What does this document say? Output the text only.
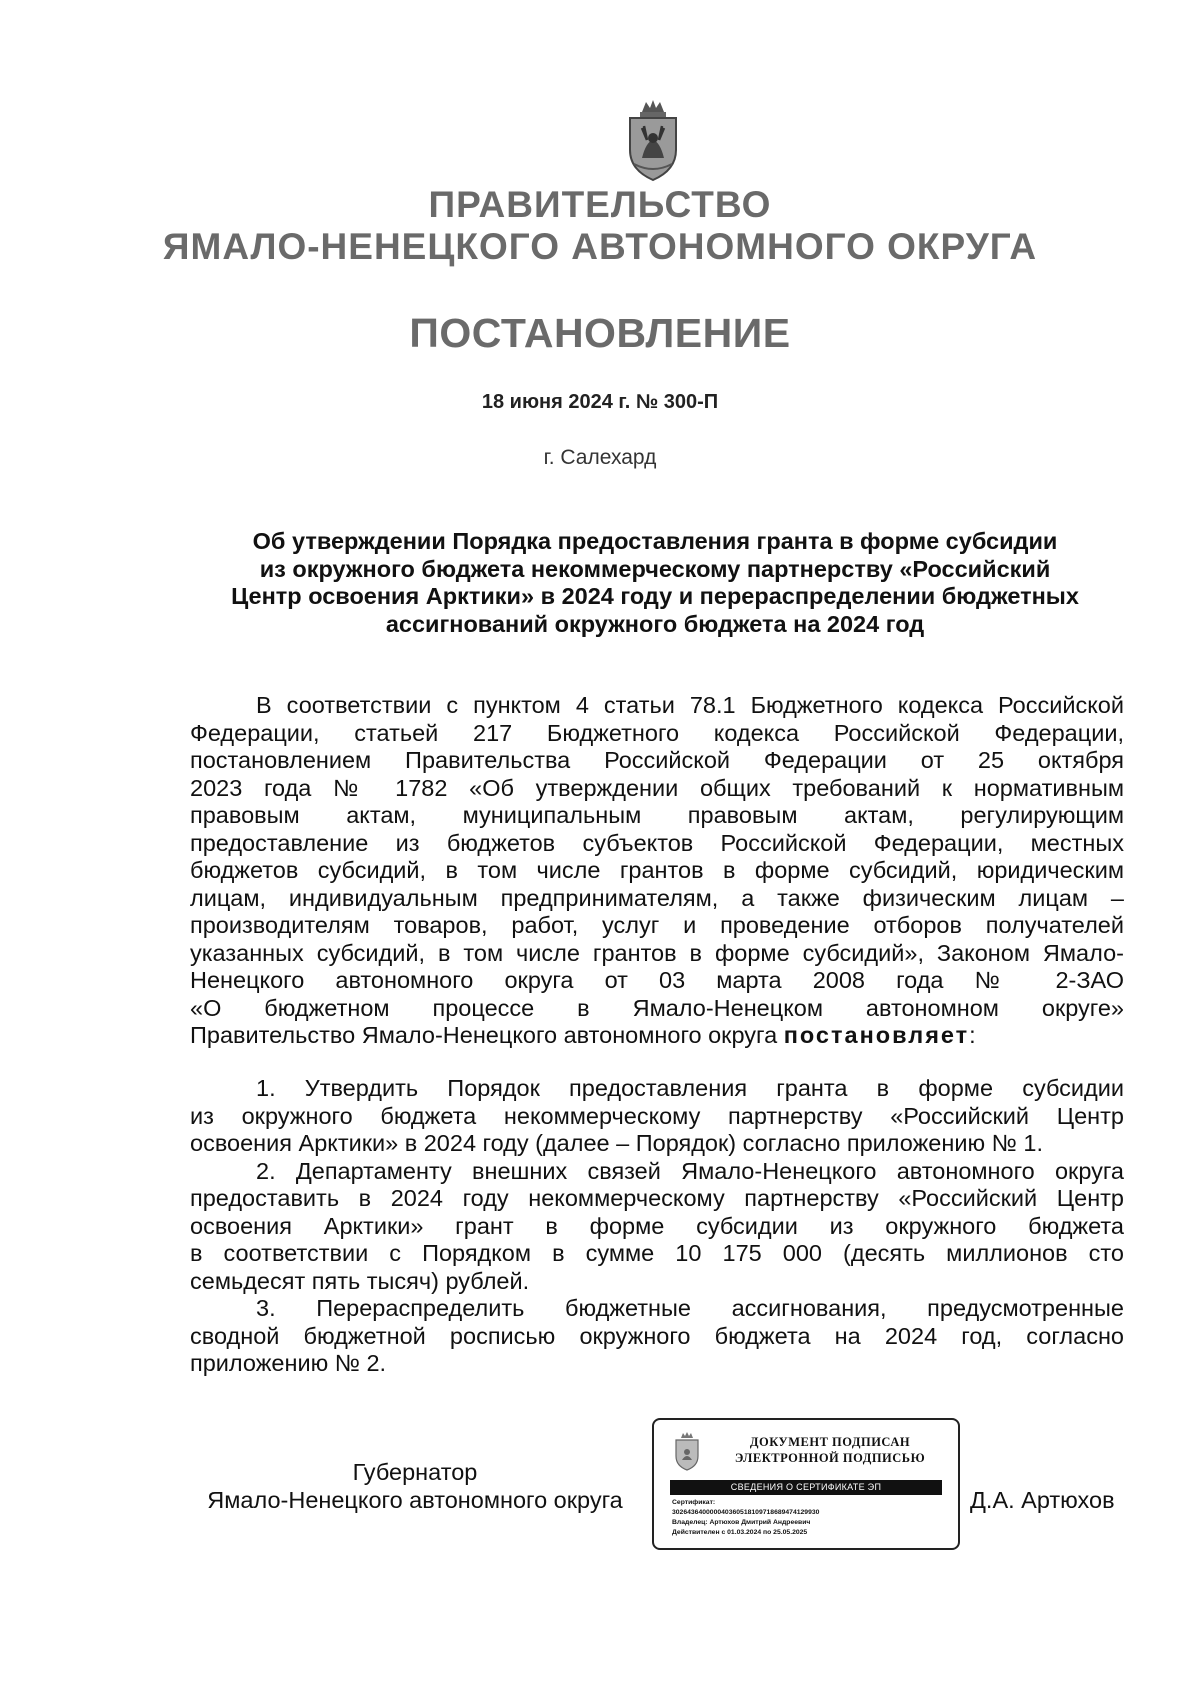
ПРАВИТЕЛЬСТВО
ЯМАЛО-НЕНЕЦКОГО АВТОНОМНОГО ОКРУГА
ПОСТАНОВЛЕНИЕ
18 июня 2024 г. № 300-П
г. Салехард
Об утверждении Порядка предоставления гранта в форме субсидии
из окружного бюджета некоммерческому партнерству «Российский
Центр освоения Арктики» в 2024 году и перераспределении бюджетных
ассигнований окружного бюджета на 2024 год
В соответствии с пунктом 4 статьи 78.1 Бюджетного кодекса Российской
Федерации, статьей 217 Бюджетного кодекса Российской Федерации,
постановлением Правительства Российской Федерации от 25 октября
2023 года № 1782 «Об утверждении общих требований к нормативным
правовым актам, муниципальным правовым актам, регулирующим
предоставление из бюджетов субъектов Российской Федерации, местных
бюджетов субсидий, в том числе грантов в форме субсидий, юридическим
лицам, индивидуальным предпринимателям, а также физическим лицам –
производителям товаров, работ, услуг и проведение отборов получателей
указанных субсидий, в том числе грантов в форме субсидий», Законом Ямало-
Ненецкого автономного округа от 03 марта 2008 года № 2-ЗАО
«О бюджетном процессе в Ямало-Ненецком автономном округе»
Правительство Ямало-Ненецкого автономного округа постановляет:
1. Утвердить Порядок предоставления гранта в форме субсидии
из окружного бюджета некоммерческому партнерству «Российский Центр
освоения Арктики» в 2024 году (далее – Порядок) согласно приложению № 1.
2. Департаменту внешних связей Ямало-Ненецкого автономного округа
предоставить в 2024 году некоммерческому партнерству «Российский Центр
освоения Арктики» грант в форме субсидии из окружного бюджета
в соответствии с Порядком в сумме 10 175 000 (десять миллионов сто
семьдесят пять тысяч) рублей.
3. Перераспределить бюджетные ассигнования, предусмотренные
сводной бюджетной росписью окружного бюджета на 2024 год, согласно
приложению № 2.
Губернатор
Ямало-Ненецкого автономного округа
ДОКУМЕНТ ПОДПИСАН
ЭЛЕКТРОННОЙ ПОДПИСЬЮ
СВЕДЕНИЯ О СЕРТИФИКАТЕ ЭП
Сертификат:
302643640000040360518109718689474129930
Владелец: Артюхов Дмитрий Андреевич
Действителен с 01.03.2024 по 25.05.2025
Д.А. Артюхов
